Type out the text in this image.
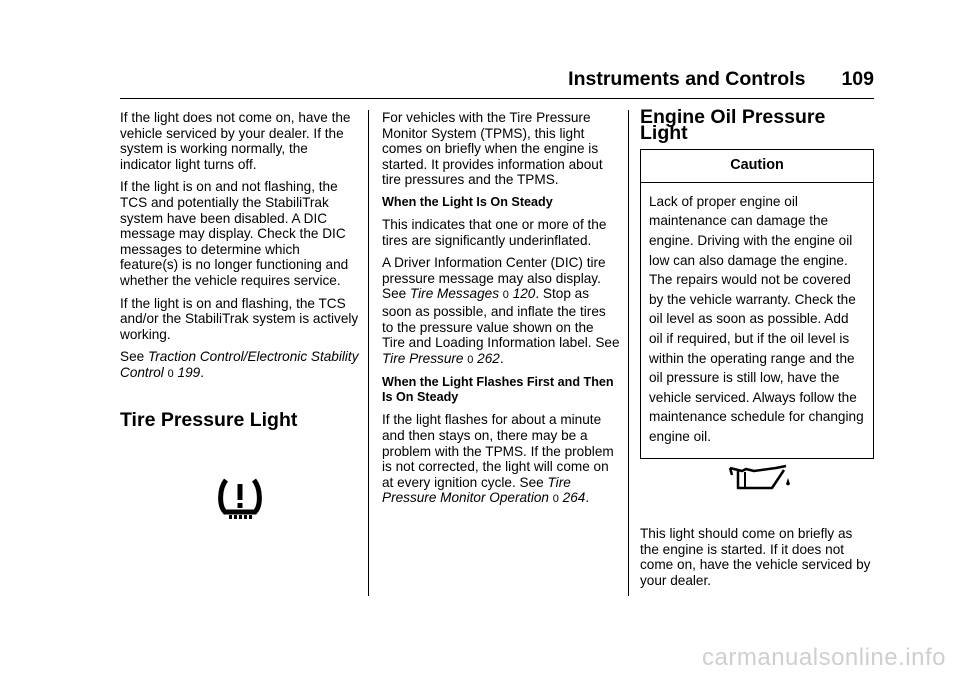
Instruments and Controls 109

If the light does not come on, have the vehicle serviced by your dealer. If the system is working normally, the indicator light turns off.

If the light is on and not flashing, the TCS and potentially the StabiliTrak system have been disabled. A DIC message may display. Check the DIC messages to determine which feature(s) is no longer functioning and whether the vehicle requires service.

If the light is on and flashing, the TCS and/or the StabiliTrak system is actively working.

See Traction Control/Electronic Stability Control 0 199.

Tire Pressure Light

For vehicles with the Tire Pressure Monitor System (TPMS), this light comes on briefly when the engine is started. It provides information about tire pressures and the TPMS.

When the Light Is On Steady

This indicates that one or more of the tires are significantly underinflated.

A Driver Information Center (DIC) tire pressure message may also display. See Tire Messages 0 120. Stop as soon as possible, and inflate the tires to the pressure value shown on the Tire and Loading Information label. See Tire Pressure 0 262.

When the Light Flashes First and Then Is On Steady

If the light flashes for about a minute and then stays on, there may be a problem with the TPMS. If the problem is not corrected, the light will come on at every ignition cycle. See Tire Pressure Monitor Operation 0 264.

Engine Oil Pressure Light
Caution
Lack of proper engine oil maintenance can damage the engine. Driving with the engine oil low can also damage the engine. The repairs would not be covered by the vehicle warranty. Check the oil level as soon as possible. Add oil if required, but if the oil level is within the operating range and the oil pressure is still low, have the vehicle serviced. Always follow the maintenance schedule for changing engine oil.

This light should come on briefly as the engine is started. If it does not come on, have the vehicle serviced by your dealer.

carmanualsonline.info
